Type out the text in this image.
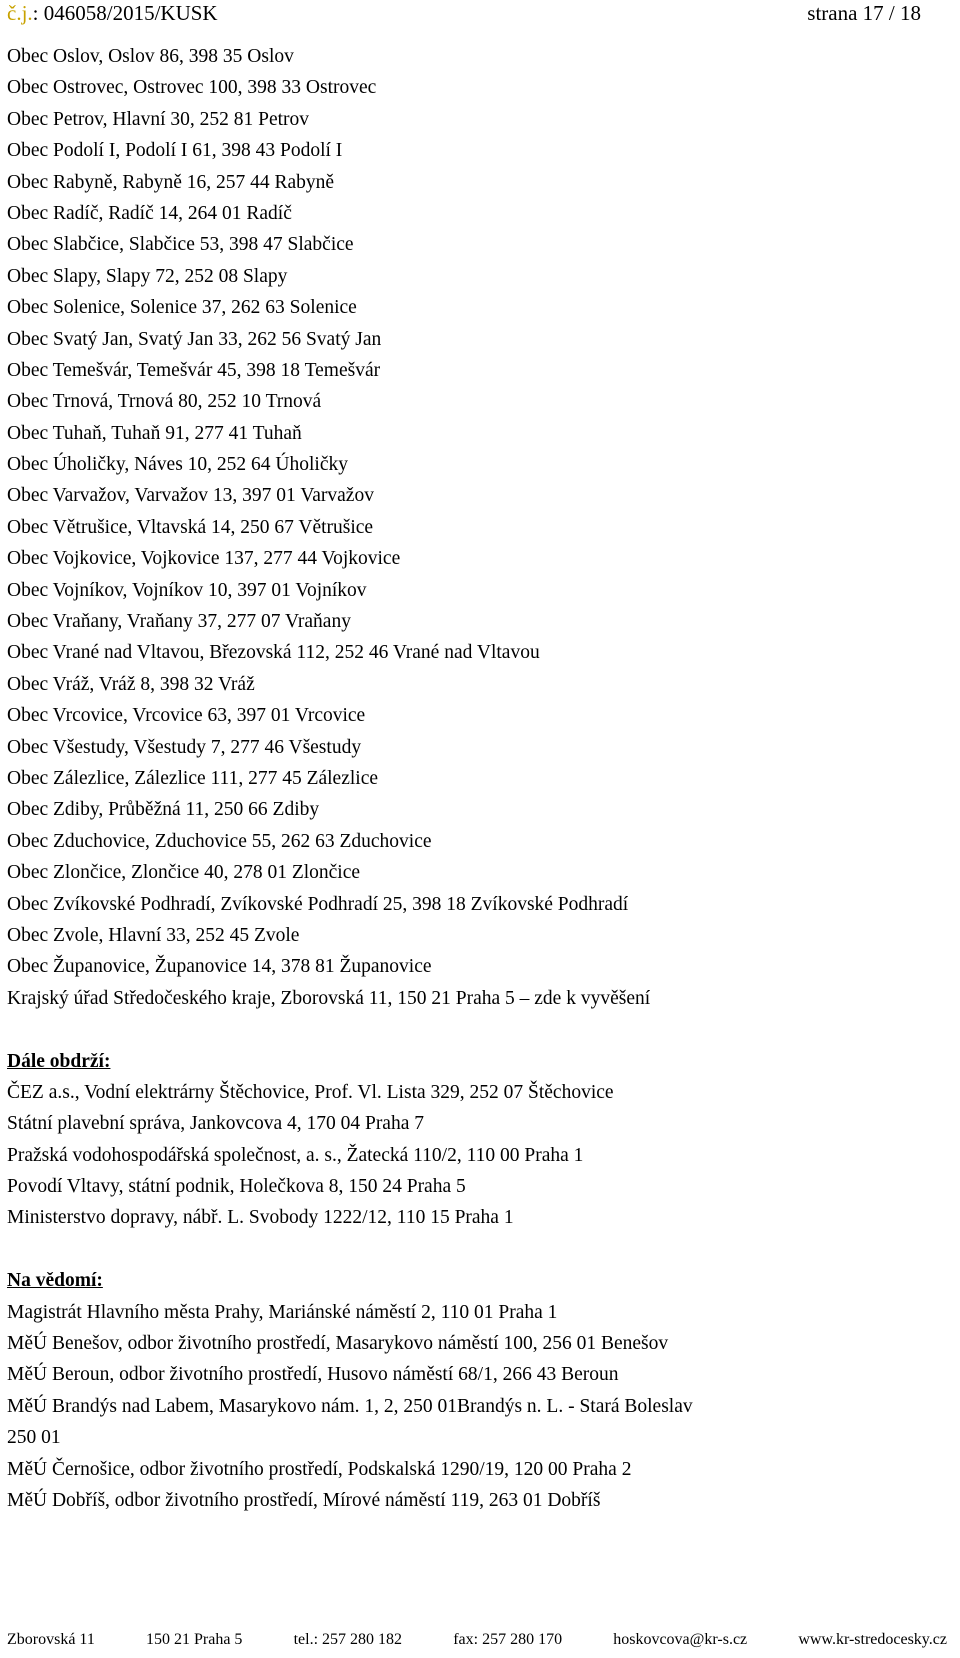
č.j.: 046058/2015/KUSK	strana 17 / 18
Obec Oslov, Oslov 86, 398 35 Oslov
Obec Ostrovec, Ostrovec 100, 398 33 Ostrovec
Obec Petrov, Hlavní 30, 252 81 Petrov
Obec Podolí I, Podolí I 61, 398 43 Podolí I
Obec Rabyně, Rabyně 16, 257 44 Rabyně
Obec Radíč, Radíč 14, 264 01 Radíč
Obec Slabčice, Slabčice 53, 398 47 Slabčice
Obec Slapy, Slapy 72, 252 08 Slapy
Obec Solenice, Solenice 37, 262 63 Solenice
Obec Svatý Jan, Svatý Jan 33, 262 56 Svatý Jan
Obec Temešvár, Temešvár 45, 398 18 Temešvár
Obec Trnová, Trnová 80, 252 10 Trnová
Obec Tuhaň, Tuhaň 91, 277 41 Tuhaň
Obec Úholičky, Náves 10, 252 64 Úholičky
Obec Varvažov, Varvažov 13, 397 01 Varvažov
Obec Větrušice, Vltavská 14, 250 67 Větrušice
Obec Vojkovice, Vojkovice 137, 277 44 Vojkovice
Obec Vojníkov, Vojníkov 10, 397 01 Vojníkov
Obec Vraňany, Vraňany 37, 277 07 Vraňany
Obec Vrané nad Vltavou, Březovská 112, 252 46 Vrané nad Vltavou
Obec Vráž, Vráž 8, 398 32 Vráž
Obec Vrcovice, Vrcovice 63, 397 01 Vrcovice
Obec Všestudy, Všestudy 7, 277 46 Všestudy
Obec Zálezlice, Zálezlice 111, 277 45 Zálezlice
Obec Zdiby, Průběžná 11, 250 66 Zdiby
Obec Zduchovice, Zduchovice 55, 262 63 Zduchovice
Obec Zlončice, Zlončice 40, 278 01 Zlončice
Obec Zvíkovské Podhradí, Zvíkovské Podhradí 25, 398 18 Zvíkovské Podhradí
Obec Zvole, Hlavní 33, 252 45 Zvole
Obec Županovice, Županovice 14, 378 81 Županovice
Krajský úřad Středočeského kraje, Zborovská 11, 150 21 Praha 5 – zde k vyvěšení
Dále obdrží:
ČEZ a.s., Vodní elektrárny Štěchovice, Prof. Vl. Lista 329, 252 07 Štěchovice
Státní plavební správa, Jankovcova 4, 170 04 Praha 7
Pražská vodohospodářská společnost, a. s., Žatecká 110/2, 110 00 Praha 1
Povodí Vltavy, státní podnik, Holečkova 8, 150 24 Praha 5
Ministerstvo dopravy, nábř. L. Svobody 1222/12, 110 15 Praha 1
Na vědomí:
Magistrát Hlavního města Prahy, Mariánské náměstí 2, 110 01 Praha 1
MěÚ Benešov, odbor životního prostředí, Masarykovo náměstí 100, 256 01 Benešov
MěÚ Beroun, odbor životního prostředí, Husovo náměstí 68/1, 266 43 Beroun
MěÚ Brandýs nad Labem, Masarykovo nám. 1, 2, 250 01Brandýs n. L. - Stará Boleslav
250 01
MěÚ Černošice, odbor životního prostředí, Podskalská 1290/19, 120 00 Praha 2
MěÚ Dobříš, odbor životního prostředí, Mírové náměstí 119, 263 01 Dobříš
Zborovská 11	150 21 Praha 5	tel.: 257 280 182	fax: 257 280 170	hoskovcova@kr-s.cz	www.kr-stredocesky.cz
